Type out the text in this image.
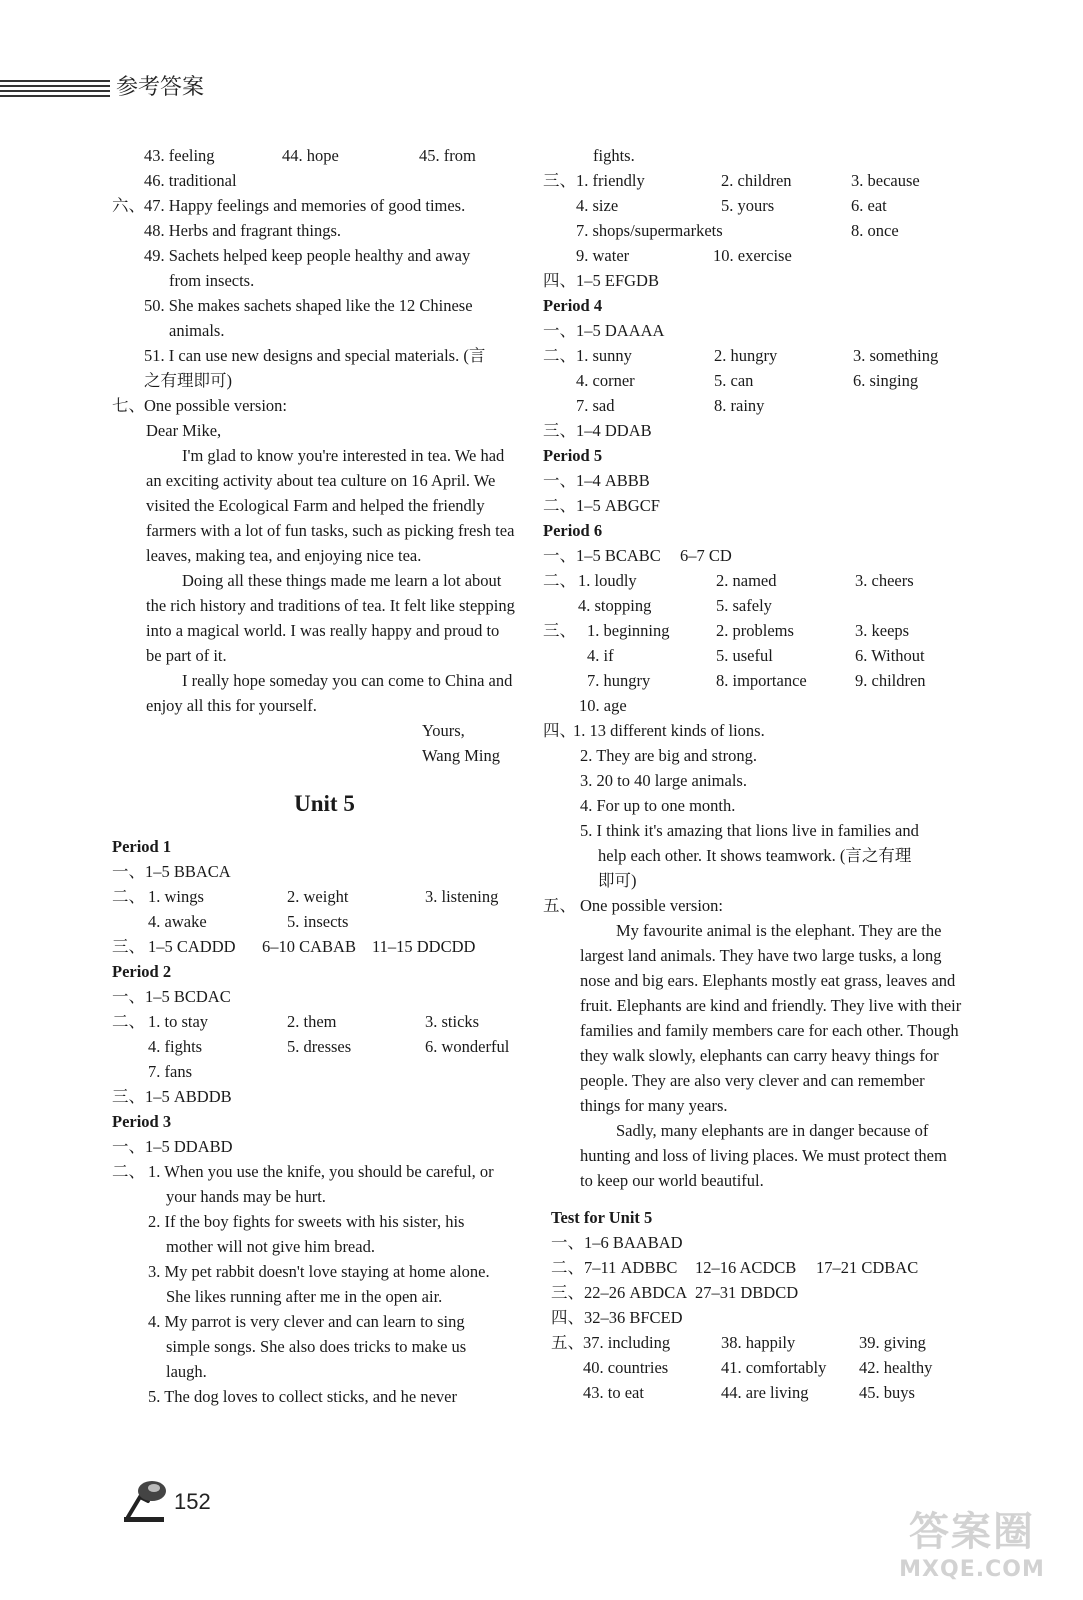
参考答案
43. feeling	44. hope	45. from
46. traditional
六、 47. Happy feelings and memories of good times.
48. Herbs and fragrant things.
49. Sachets helped keep people healthy and away
from insects.
50. She makes sachets shaped like the 12 Chinese
animals.
51. I can use new designs and special materials. (言
之有理即可)
七、 One possible version:
Dear Mike,
I'm glad to know you're interested in tea. We had an exciting activity about tea culture on 16 April. We visited the Ecological Farm and helped the friendly farmers with a lot of fun tasks, such as picking fresh tea leaves, making tea, and enjoying nice tea.
Doing all these things made me learn a lot about the rich history and traditions of tea. It felt like stepping into a magical world. I was really happy and proud to be part of it.
I really hope someday you can come to China and enjoy all this for yourself.
Yours,
Wang Ming
Unit 5
Period 1
一、1–5 BBACA
二、 1. wings	2. weight	3. listening
4. awake	5. insects
三、 1–5 CADDD 6–10 CABAB 11–15 DDCDD
Period 2
一、1–5 BCDAC
二、 1. to stay	2. them	3. sticks
4. fights	5. dresses	6. wonderful
7. fans
三、1–5 ABDDB
Period 3
一、1–5 DDABD
二、 1. When you use the knife, you should be careful, or
your hands may be hurt.
2. If the boy fights for sweets with his sister, his
mother will not give him bread.
3. My pet rabbit doesn't love staying at home alone.
She likes running after me in the open air.
4. My parrot is very clever and can learn to sing
simple songs. She also does tricks to make us
laugh.
5. The dog loves to collect sticks, and he never
fights.
三、 1. friendly	2. children	3. because
4. size	5. yours	6. eat
7. shops/supermarkets	8. once
9. water	10. exercise
四、1–5 EFGDB
Period 4
一、1–5 DAAAA
二、 1. sunny	2. hungry	3. something
4. corner	5. can	6. singing
7. sad	8. rainy
三、1–4 DDAB
Period 5
一、1–4 ABBB
二、1–5 ABGCF
Period 6
一、1–5 BCABC 6–7 CD
二、 1. loudly	2. named	3. cheers
4. stopping	5. safely
三、 1. beginning	2. problems	3. keeps
4. if	5. useful	6. Without
7. hungry	8. importance	9. children
10. age
四、
1. 13 different kinds of lions.
2. They are big and strong.
3. 20 to 40 large animals.
4. For up to one month.
5. I think it's amazing that lions live in families and
help each other. It shows teamwork. (言之有理
即可)
五、 One possible version:
My favourite animal is the elephant. They are the largest land animals. They have two large tusks, a long nose and big ears. Elephants mostly eat grass, leaves and fruit. Elephants are kind and friendly. They live with their families and family members care for each other. Though they walk slowly, elephants can carry heavy things for people. They are also very clever and can remember things for many years.
Sadly, many elephants are in danger because of hunting and loss of living places. We must protect them to keep our world beautiful.
Test for Unit 5
一、1–6 BAABAD
二、7–11 ADBBC 12–16 ACDCB 17–21 CDBAC
三、22–26 ABDCA 27–31 DBDCD
四、32–36 BFCED
五、 37. including	38. happily	39. giving
40. countries	41. comfortably 42. healthy
43. to eat	44. are living	45. buys
152
答案圈
MXQE.COM
